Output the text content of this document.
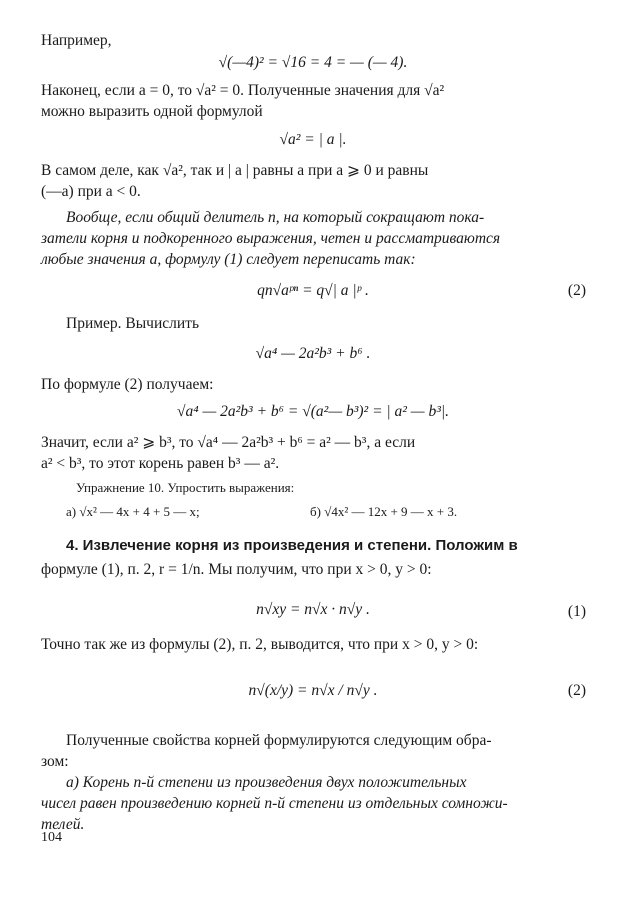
Например,
√(—4)² = √16 = 4 = — (— 4).
Наконец, если a = 0, то √a² = 0. Полученные значения для √a²
можно выразить одной формулой
√a² = | a |.
В самом деле, как √a², так и | a | равны a при a ⩾ 0 и равны
(—a) при a < 0.
Вообще, если общий делитель n, на который сокращают пока-
затели корня и подкоренного выражения, четен и рассматриваются
любые значения a, формулу (1) следует переписать так:
qn√aᵖⁿ = q√| a |ᵖ .	(2)
Пример. Вычислить
√a⁴ — 2a²b³ + b⁶ .
По формуле (2) получаем:
√a⁴ — 2a²b³ + b⁶ = √(a²— b³)² = | a² — b³|.
Значит, если a² ⩾ b³, то √a⁴ — 2a²b³ + b⁶ = a² — b³, а если
a² < b³, то этот корень равен b³ — a².
Упражнение 10. Упростить выражения:
а) √x² — 4x + 4 + 5 — x;	б) √4x² — 12x + 9 — x + 3.
4. Извлечение корня из произведения и степени. Положим в
формуле (1), п. 2, r = 1/n. Мы получим, что при x > 0, y > 0:
n√xy = n√x · n√y .	(1)
Точно так же из формулы (2), п. 2, выводится, что при x > 0, y > 0:
n√(x/y) = n√x / n√y .	(2)
Полученные свойства корней формулируются следующим обра-
зом:
а) Корень n-й степени из произведения двух положительных
чисел равен произведению корней n-й степени из отдельных сомножи-
телей.
104
